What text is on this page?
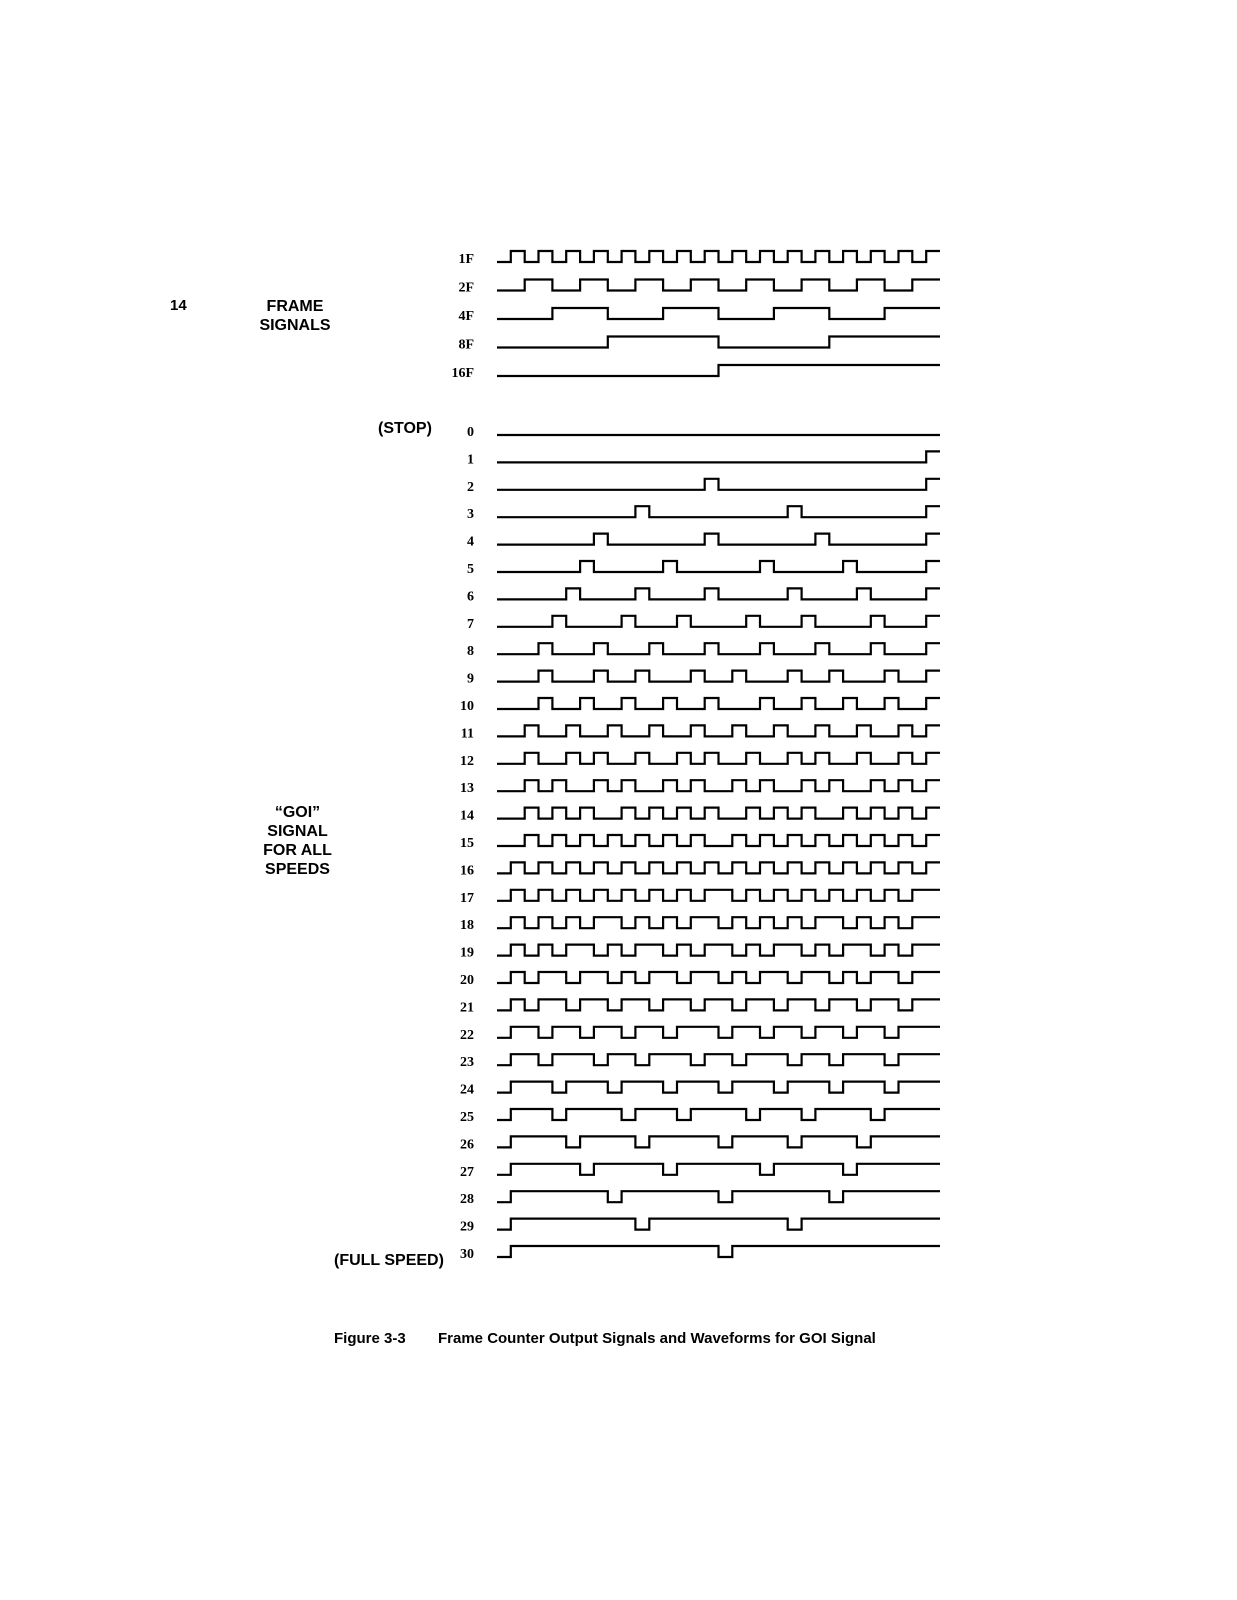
14	FRAME
SIGNALS
“GOI”
SIGNAL
FOR ALL
SPEEDS
(STOP)
(FULL SPEED)
1F
2F
4F
8F
16F
0
1
2
3
4
5
6
7
8
9
10
11
12
13
14
15
16
17
18
19
20
21
22
23
24
25
26
27
28
29
30
Figure 3-3 Frame Counter Output Signals and Waveforms for GOI Signal
